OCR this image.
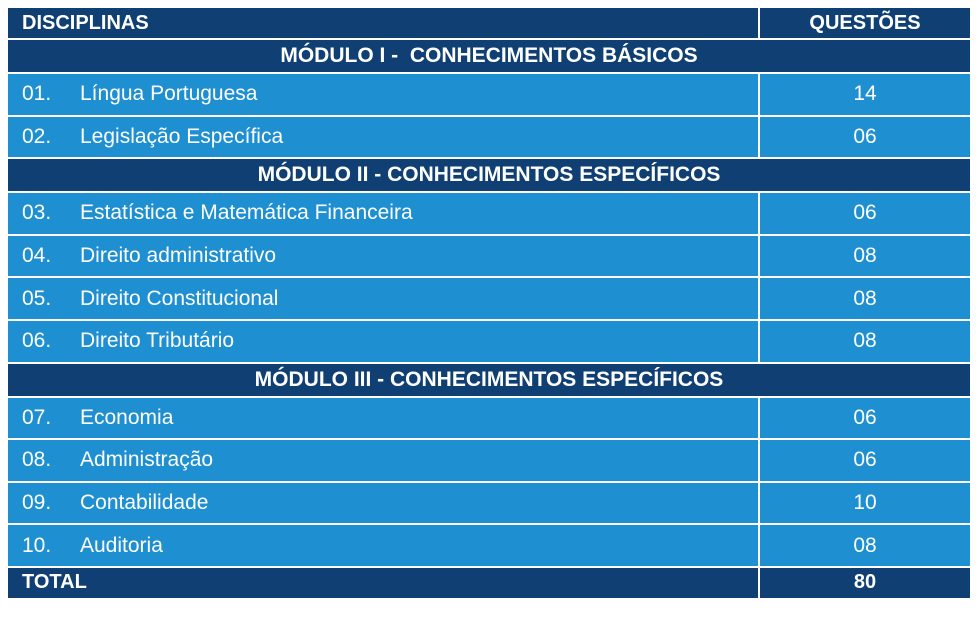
DISCIPLINAS	QUESTÕES
MÓDULO I -  CONHECIMENTOS BÁSICOS
01.	Língua Portuguesa	14
02.	Legislação Específica	06
MÓDULO II - CONHECIMENTOS ESPECÍFICOS
03.	Estatística e Matemática Financeira	06
04.	Direito administrativo	08
05.	Direito Constitucional	08
06.	Direito Tributário	08
MÓDULO III - CONHECIMENTOS ESPECÍFICOS
07.	Economia	06
08.	Administração	06
09.	Contabilidade	10
10.	Auditoria	08
TOTAL	80
